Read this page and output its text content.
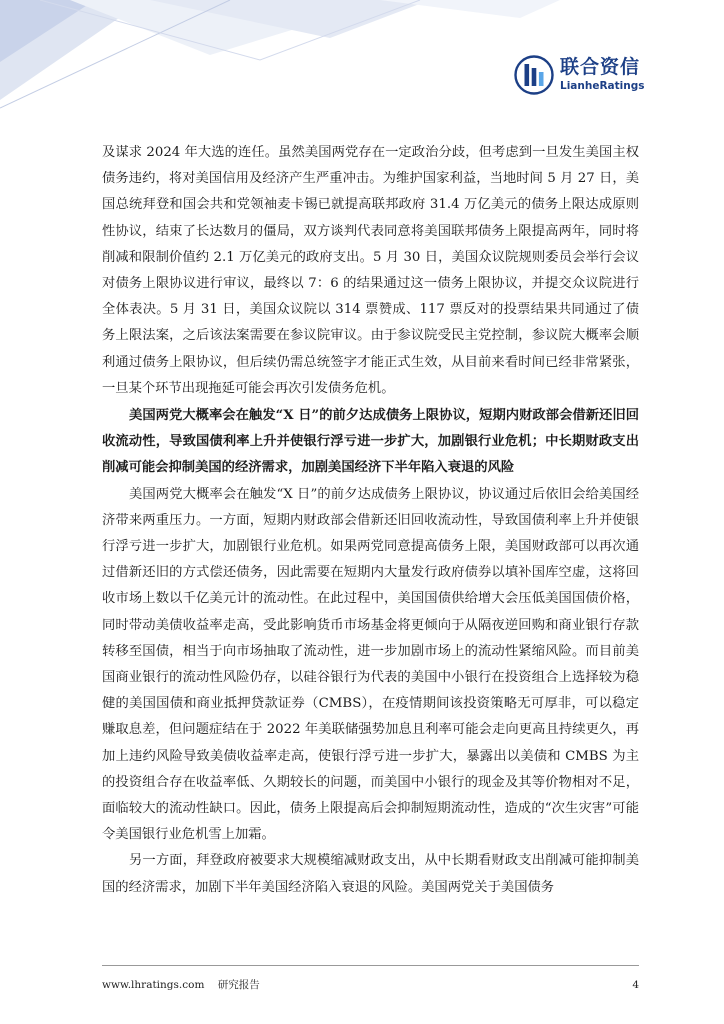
联合资信
LianheRatings

及谋求 2024 年大选的连任。虽然美国两党存在一定政治分歧，但考虑到一旦发生美国主权债务违约，将对美国信用及经济产生严重冲击。为维护国家利益，当地时间 5 月 27 日，美国总统拜登和国会共和党领袖麦卡锡已就提高联邦政府 31.4 万亿美元的债务上限达成原则性协议，结束了长达数月的僵局，双方谈判代表同意将美国联邦债务上限提高两年，同时将削减和限制价值约 2.1 万亿美元的政府支出。5 月 30 日，美国众议院规则委员会举行会议对债务上限协议进行审议，最终以 7：6 的结果通过这一债务上限协议，并提交众议院进行全体表决。5 月 31 日，美国众议院以 314 票赞成、117 票反对的投票结果共同通过了债务上限法案，之后该法案需要在参议院审议。由于参议院受民主党控制，参议院大概率会顺利通过债务上限协议，但后续仍需总统签字才能正式生效，从目前来看时间已经非常紧张，一旦某个环节出现拖延可能会再次引发债务危机。

美国两党大概率会在触发“X 日”的前夕达成债务上限协议，短期内财政部会借新还旧回收流动性，导致国债利率上升并使银行浮亏进一步扩大，加剧银行业危机；中长期财政支出削减可能会抑制美国的经济需求，加剧美国经济下半年陷入衰退的风险

美国两党大概率会在触发“X 日”的前夕达成债务上限协议，协议通过后依旧会给美国经济带来两重压力。一方面，短期内财政部会借新还旧回收流动性，导致国债利率上升并使银行浮亏进一步扩大，加剧银行业危机。如果两党同意提高债务上限，美国财政部可以再次通过借新还旧的方式偿还债务，因此需要在短期内大量发行政府债券以填补国库空虚，这将回收市场上数以千亿美元计的流动性。在此过程中，美国国债供给增大会压低美国国债价格，同时带动美债收益率走高，受此影响货币市场基金将更倾向于从隔夜逆回购和商业银行存款转移至国债，相当于向市场抽取了流动性，进一步加剧市场上的流动性紧缩风险。而目前美国商业银行的流动性风险仍存，以硅谷银行为代表的美国中小银行在投资组合上选择较为稳健的美国国债和商业抵押贷款证券（CMBS），在疫情期间该投资策略无可厚非，可以稳定赚取息差，但问题症结在于 2022 年美联储强势加息且利率可能会走向更高且持续更久，再加上违约风险导致美债收益率走高，使银行浮亏进一步扩大，暴露出以美债和 CMBS 为主的投资组合存在收益率低、久期较长的问题，而美国中小银行的现金及其等价物相对不足，面临较大的流动性缺口。因此，债务上限提高后会抑制短期流动性，造成的“次生灾害”可能令美国银行业危机雪上加霜。

另一方面，拜登政府被要求大规模缩减财政支出，从中长期看财政支出削减可能抑制美国的经济需求，加剧下半年美国经济陷入衰退的风险。美国两党关于美国债务

www.lhratings.com 研究报告	4
